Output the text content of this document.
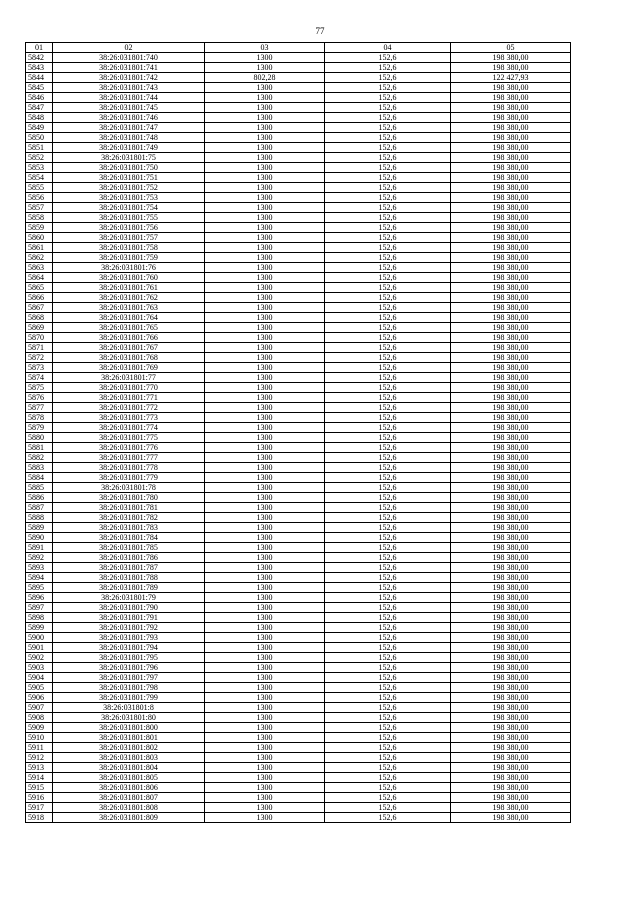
77
01	02	03	04	05
5842	38:26:031801:740	1300	152,6	198 380,00
5843	38:26:031801:741	1300	152,6	198 380,00
5844	38:26:031801:742	802,28	152,6	122 427,93
5845	38:26:031801:743	1300	152,6	198 380,00
5846	38:26:031801:744	1300	152,6	198 380,00
5847	38:26:031801:745	1300	152,6	198 380,00
5848	38:26:031801:746	1300	152,6	198 380,00
5849	38:26:031801:747	1300	152,6	198 380,00
5850	38:26:031801:748	1300	152,6	198 380,00
5851	38:26:031801:749	1300	152,6	198 380,00
5852	38:26:031801:75	1300	152,6	198 380,00
5853	38:26:031801:750	1300	152,6	198 380,00
5854	38:26:031801:751	1300	152,6	198 380,00
5855	38:26:031801:752	1300	152,6	198 380,00
5856	38:26:031801:753	1300	152,6	198 380,00
5857	38:26:031801:754	1300	152,6	198 380,00
5858	38:26:031801:755	1300	152,6	198 380,00
5859	38:26:031801:756	1300	152,6	198 380,00
5860	38:26:031801:757	1300	152,6	198 380,00
5861	38:26:031801:758	1300	152,6	198 380,00
5862	38:26:031801:759	1300	152,6	198 380,00
5863	38:26:031801:76	1300	152,6	198 380,00
5864	38:26:031801:760	1300	152,6	198 380,00
5865	38:26:031801:761	1300	152,6	198 380,00
5866	38:26:031801:762	1300	152,6	198 380,00
5867	38:26:031801:763	1300	152,6	198 380,00
5868	38:26:031801:764	1300	152,6	198 380,00
5869	38:26:031801:765	1300	152,6	198 380,00
5870	38:26:031801:766	1300	152,6	198 380,00
5871	38:26:031801:767	1300	152,6	198 380,00
5872	38:26:031801:768	1300	152,6	198 380,00
5873	38:26:031801:769	1300	152,6	198 380,00
5874	38:26:031801:77	1300	152,6	198 380,00
5875	38:26:031801:770	1300	152,6	198 380,00
5876	38:26:031801:771	1300	152,6	198 380,00
5877	38:26:031801:772	1300	152,6	198 380,00
5878	38:26:031801:773	1300	152,6	198 380,00
5879	38:26:031801:774	1300	152,6	198 380,00
5880	38:26:031801:775	1300	152,6	198 380,00
5881	38:26:031801:776	1300	152,6	198 380,00
5882	38:26:031801:777	1300	152,6	198 380,00
5883	38:26:031801:778	1300	152,6	198 380,00
5884	38:26:031801:779	1300	152,6	198 380,00
5885	38:26:031801:78	1300	152,6	198 380,00
5886	38:26:031801:780	1300	152,6	198 380,00
5887	38:26:031801:781	1300	152,6	198 380,00
5888	38:26:031801:782	1300	152,6	198 380,00
5889	38:26:031801:783	1300	152,6	198 380,00
5890	38:26:031801:784	1300	152,6	198 380,00
5891	38:26:031801:785	1300	152,6	198 380,00
5892	38:26:031801:786	1300	152,6	198 380,00
5893	38:26:031801:787	1300	152,6	198 380,00
5894	38:26:031801:788	1300	152,6	198 380,00
5895	38:26:031801:789	1300	152,6	198 380,00
5896	38:26:031801:79	1300	152,6	198 380,00
5897	38:26:031801:790	1300	152,6	198 380,00
5898	38:26:031801:791	1300	152,6	198 380,00
5899	38:26:031801:792	1300	152,6	198 380,00
5900	38:26:031801:793	1300	152,6	198 380,00
5901	38:26:031801:794	1300	152,6	198 380,00
5902	38:26:031801:795	1300	152,6	198 380,00
5903	38:26:031801:796	1300	152,6	198 380,00
5904	38:26:031801:797	1300	152,6	198 380,00
5905	38:26:031801:798	1300	152,6	198 380,00
5906	38:26:031801:799	1300	152,6	198 380,00
5907	38:26:031801:8	1300	152,6	198 380,00
5908	38:26:031801:80	1300	152,6	198 380,00
5909	38:26:031801:800	1300	152,6	198 380,00
5910	38:26:031801:801	1300	152,6	198 380,00
5911	38:26:031801:802	1300	152,6	198 380,00
5912	38:26:031801:803	1300	152,6	198 380,00
5913	38:26:031801:804	1300	152,6	198 380,00
5914	38:26:031801:805	1300	152,6	198 380,00
5915	38:26:031801:806	1300	152,6	198 380,00
5916	38:26:031801:807	1300	152,6	198 380,00
5917	38:26:031801:808	1300	152,6	198 380,00
5918	38:26:031801:809	1300	152,6	198 380,00
